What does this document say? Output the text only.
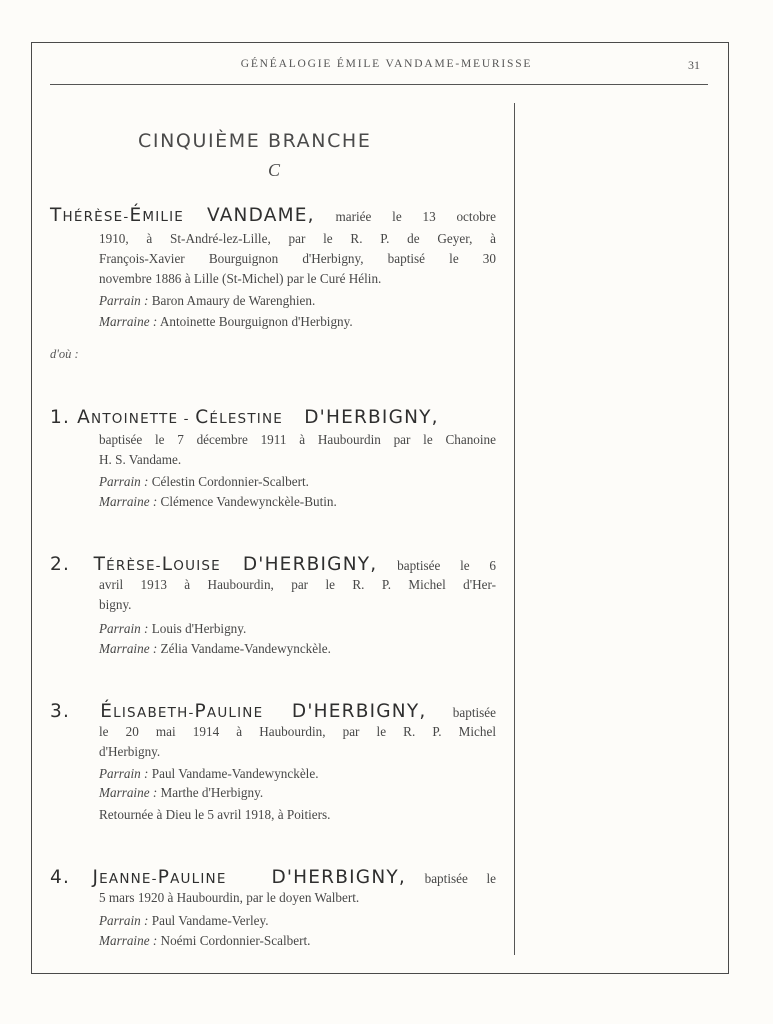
GÉNÉALOGIE ÉMILE VANDAME-MEURISSE	31
CINQUIÈME BRANCHE
C
THÉRÈSE-ÉMILIE VANDAME, mariée le 13 octobre
1910, à St-André-lez-Lille, par le R. P. de Geyer, à
François-Xavier Bourguignon d'Herbigny, baptisé le 30
novembre 1886 à Lille (St-Michel) par le Curé Hélin.
Parrain : Baron Amaury de Warenghien.
Marraine : Antoinette Bourguignon d'Herbigny.
d'où :
1. ANTOINETTE - CÉLESTINE D'HERBIGNY,
baptisée le 7 décembre 1911 à Haubourdin par le Chanoine
H. S. Vandame.
Parrain : Célestin Cordonnier-Scalbert.
Marraine : Clémence Vandewynckèle-Butin.
2. TÉRÈSE-LOUISE D'HERBIGNY, baptisée le 6
avril 1913 à Haubourdin, par le R. P. Michel d'Her-
bigny.
Parrain : Louis d'Herbigny.
Marraine : Zélia Vandame-Vandewynckèle.
3. ÉLISABETH-PAULINE D'HERBIGNY, baptisée
le 20 mai 1914 à Haubourdin, par le R. P. Michel
d'Herbigny.
Parrain : Paul Vandame-Vandewynckèle.
Marraine : Marthe d'Herbigny.
Retournée à Dieu le 5 avril 1918, à Poitiers.
4. JEANNE-PAULINE D'HERBIGNY, baptisée le
5 mars 1920 à Haubourdin, par le doyen Walbert.
Parrain : Paul Vandame-Verley.
Marraine : Noémi Cordonnier-Scalbert.
